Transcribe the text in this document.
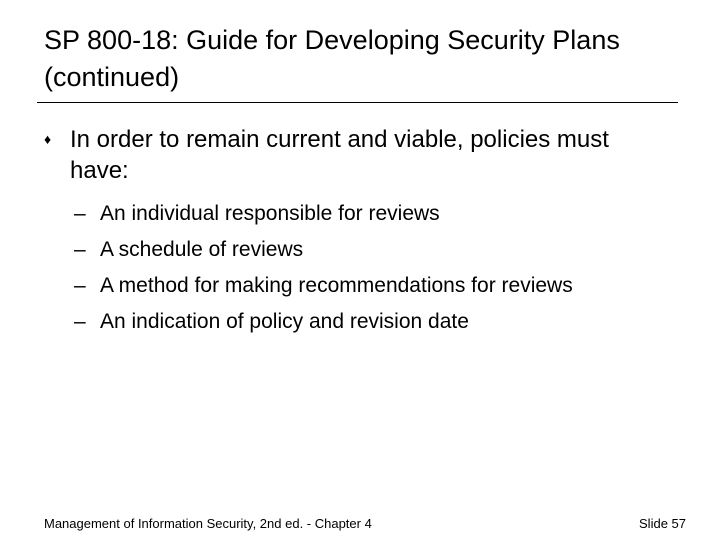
SP 800-18: Guide for Developing Security Plans (continued)
♦ In order to remain current and viable, policies must have:
– An individual responsible for reviews
– A schedule of reviews
– A method for making recommendations for reviews
– An indication of policy and revision date
Management of Information Security, 2nd ed. - Chapter 4	Slide 57
